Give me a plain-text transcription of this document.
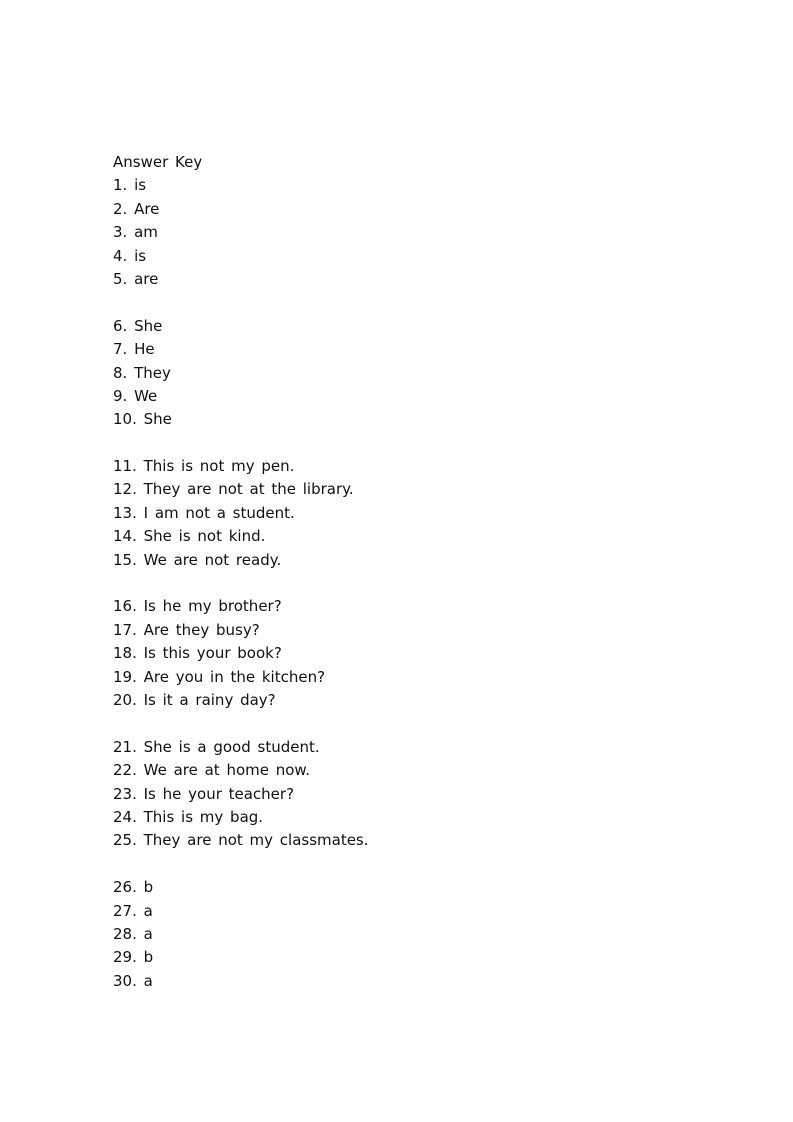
Answer Key
1. is
2. Are
3. am
4. is
5. are
6. She
7. He
8. They
9. We
10. She
11. This is not my pen.
12. They are not at the library.
13. I am not a student.
14. She is not kind.
15. We are not ready.
16. Is he my brother?
17. Are they busy?
18. Is this your book?
19. Are you in the kitchen?
20. Is it a rainy day?
21. She is a good student.
22. We are at home now.
23. Is he your teacher?
24. This is my bag.
25. They are not my classmates.
26. b
27. a
28. a
29. b
30. a
